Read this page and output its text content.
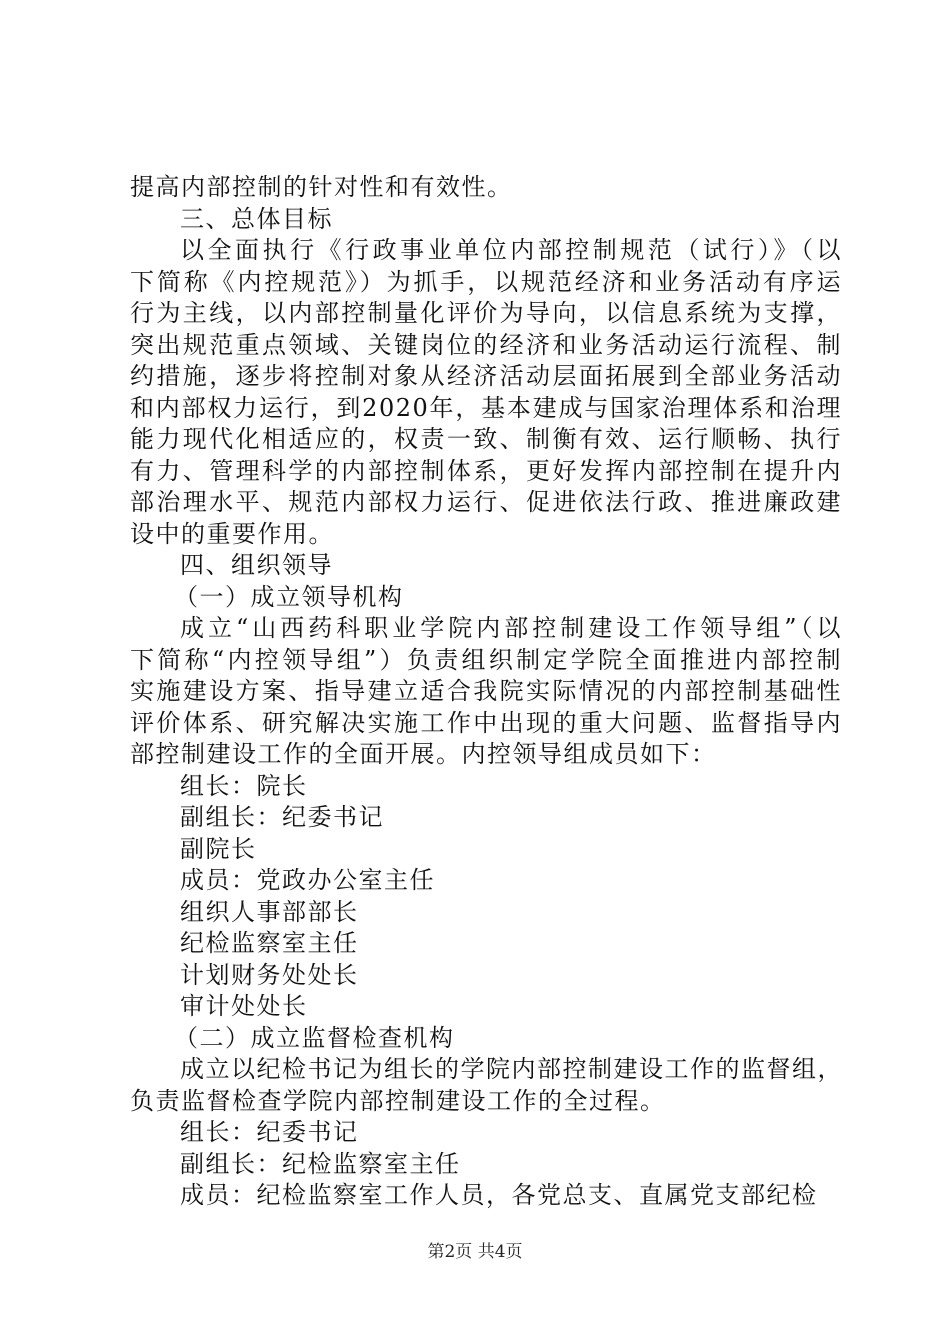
提高内部控制的针对性和有效性。
三、总体目标
以全面执行《行政事业单位内部控制规范（试行）》（以
下简称《内控规范》）为抓手，以规范经济和业务活动有序运
行为主线，以内部控制量化评价为导向，以信息系统为支撑，
突出规范重点领域、关键岗位的经济和业务活动运行流程、制
约措施，逐步将控制对象从经济活动层面拓展到全部业务活动
和内部权力运行，到2020年，基本建成与国家治理体系和治理
能力现代化相适应的，权责一致、制衡有效、运行顺畅、执行
有力、管理科学的内部控制体系，更好发挥内部控制在提升内
部治理水平、规范内部权力运行、促进依法行政、推进廉政建
设中的重要作用。
四、组织领导
（一）成立领导机构
成立“山西药科职业学院内部控制建设工作领导组”（以
下简称“内控领导组”）负责组织制定学院全面推进内部控制
实施建设方案、指导建立适合我院实际情况的内部控制基础性
评价体系、研究解决实施工作中出现的重大问题、监督指导内
部控制建设工作的全面开展。内控领导组成员如下：
组长：院长
副组长：纪委书记
副院长
成员：党政办公室主任
组织人事部部长
纪检监察室主任
计划财务处处长
审计处处长
（二）成立监督检查机构
成立以纪检书记为组长的学院内部控制建设工作的监督组，
负责监督检查学院内部控制建设工作的全过程。
组长：纪委书记
副组长：纪检监察室主任
成员：纪检监察室工作人员，各党总支、直属党支部纪检
第2页 共4页
